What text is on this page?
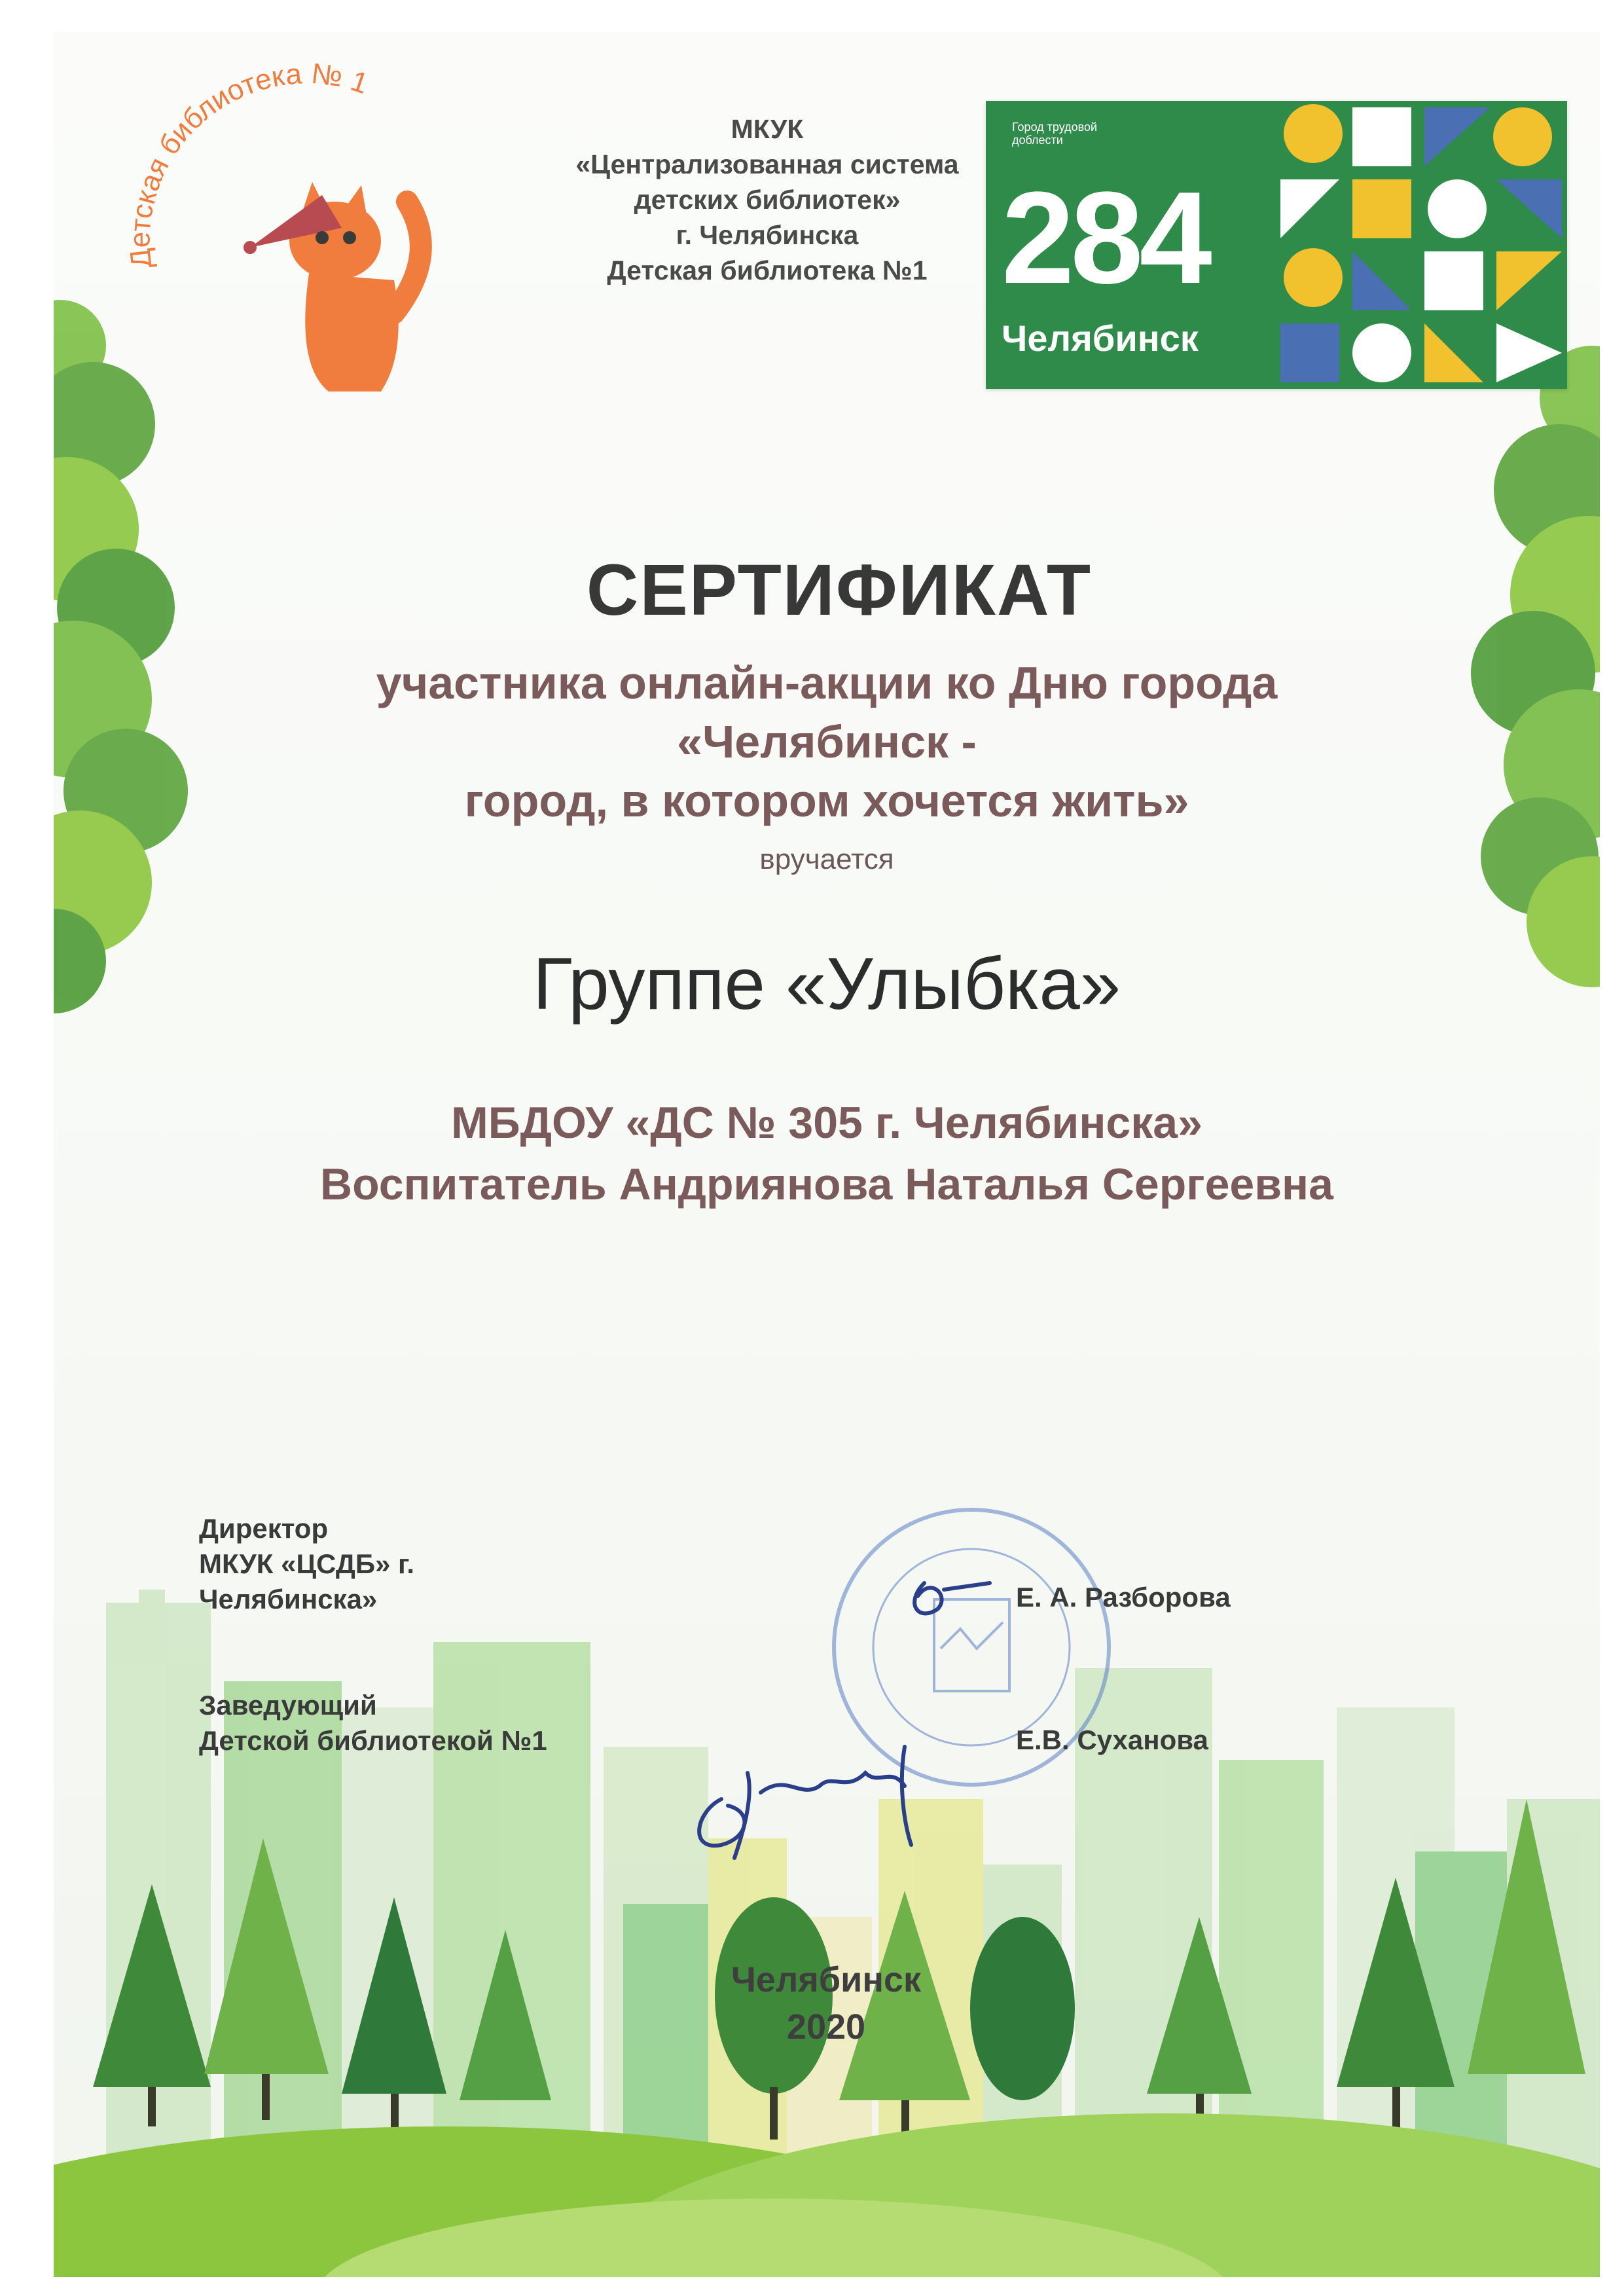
Детская библиотека № 1
МКУК
«Централизованная система
детских библиотек»
г. Челябинска
Детская библиотека №1
Город трудовой
доблести
284
Челябинск
СЕРТИФИКАТ
участника онлайн-акции ко Дню города
«Челябинск -
город, в котором хочется жить»
вручается
Группе «Улыбка»
МБДОУ «ДС № 305 г. Челябинска»
Воспитатель Андриянова Наталья Сергеевна
Директор
МКУК «ЦСДБ» г.
Челябинска»	Е. А. Разборова
Заведующий
Детской библиотекой №1	Е.В. Суханова
Челябинск
2020
